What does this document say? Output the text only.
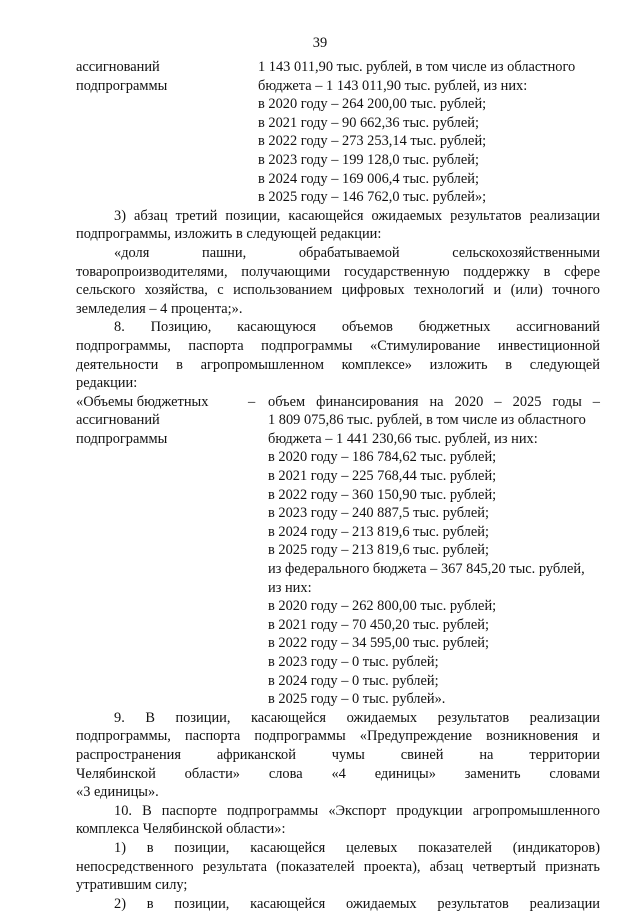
39
ассигнований
подпрограммы
1 143 011,90 тыс. рублей, в том числе из областного
бюджета – 1 143 011,90 тыс. рублей, из них:
в 2020 году – 264 200,00 тыс. рублей;
в 2021 году – 90 662,36 тыс. рублей;
в 2022 году – 273 253,14 тыс. рублей;
в 2023 году – 199 128,0 тыс. рублей;
в 2024 году – 169 006,4 тыс. рублей;
в 2025 году – 146 762,0 тыс. рублей»;
3) абзац третий позиции, касающейся ожидаемых результатов реализации
подпрограммы, изложить в следующей редакции:
«доля пашни, обрабатываемой сельскохозяйственными
товаропроизводителями, получающими государственную поддержку в сфере
сельского хозяйства, с использованием цифровых технологий и (или) точного
земледелия – 4 процента;».
8. Позицию, касающуюся объемов бюджетных ассигнований
подпрограммы, паспорта подпрограммы «Стимулирование инвестиционной
деятельности в агропромышленном комплексе» изложить в следующей
редакции:
«Объемы бюджетных
ассигнований
подпрограммы
– объем финансирования на 2020 – 2025 годы –
1 809 075,86 тыс. рублей, в том числе из областного
бюджета – 1 441 230,66 тыс. рублей, из них:
в 2020 году – 186 784,62 тыс. рублей;
в 2021 году – 225 768,44 тыс. рублей;
в 2022 году – 360 150,90 тыс. рублей;
в 2023 году – 240 887,5 тыс. рублей;
в 2024 году – 213 819,6 тыс. рублей;
в 2025 году – 213 819,6 тыс. рублей;
из федерального бюджета – 367 845,20 тыс. рублей,
из них:
в 2020 году – 262 800,00 тыс. рублей;
в 2021 году – 70 450,20 тыс. рублей;
в 2022 году – 34 595,00 тыс. рублей;
в 2023 году – 0 тыс. рублей;
в 2024 году – 0 тыс. рублей;
в 2025 году – 0 тыс. рублей».
9. В позиции, касающейся ожидаемых результатов реализации
подпрограммы, паспорта подпрограммы «Предупреждение возникновения и
распространения африканской чумы свиней на территории
Челябинской области» слова «4 единицы» заменить словами
«3 единицы».
10. В паспорте подпрограммы «Экспорт продукции агропромышленного
комплекса Челябинской области»:
1) в позиции, касающейся целевых показателей (индикаторов)
непосредственного результата (показателей проекта), абзац четвертый признать
утратившим силу;
2) в позиции, касающейся ожидаемых результатов реализации
